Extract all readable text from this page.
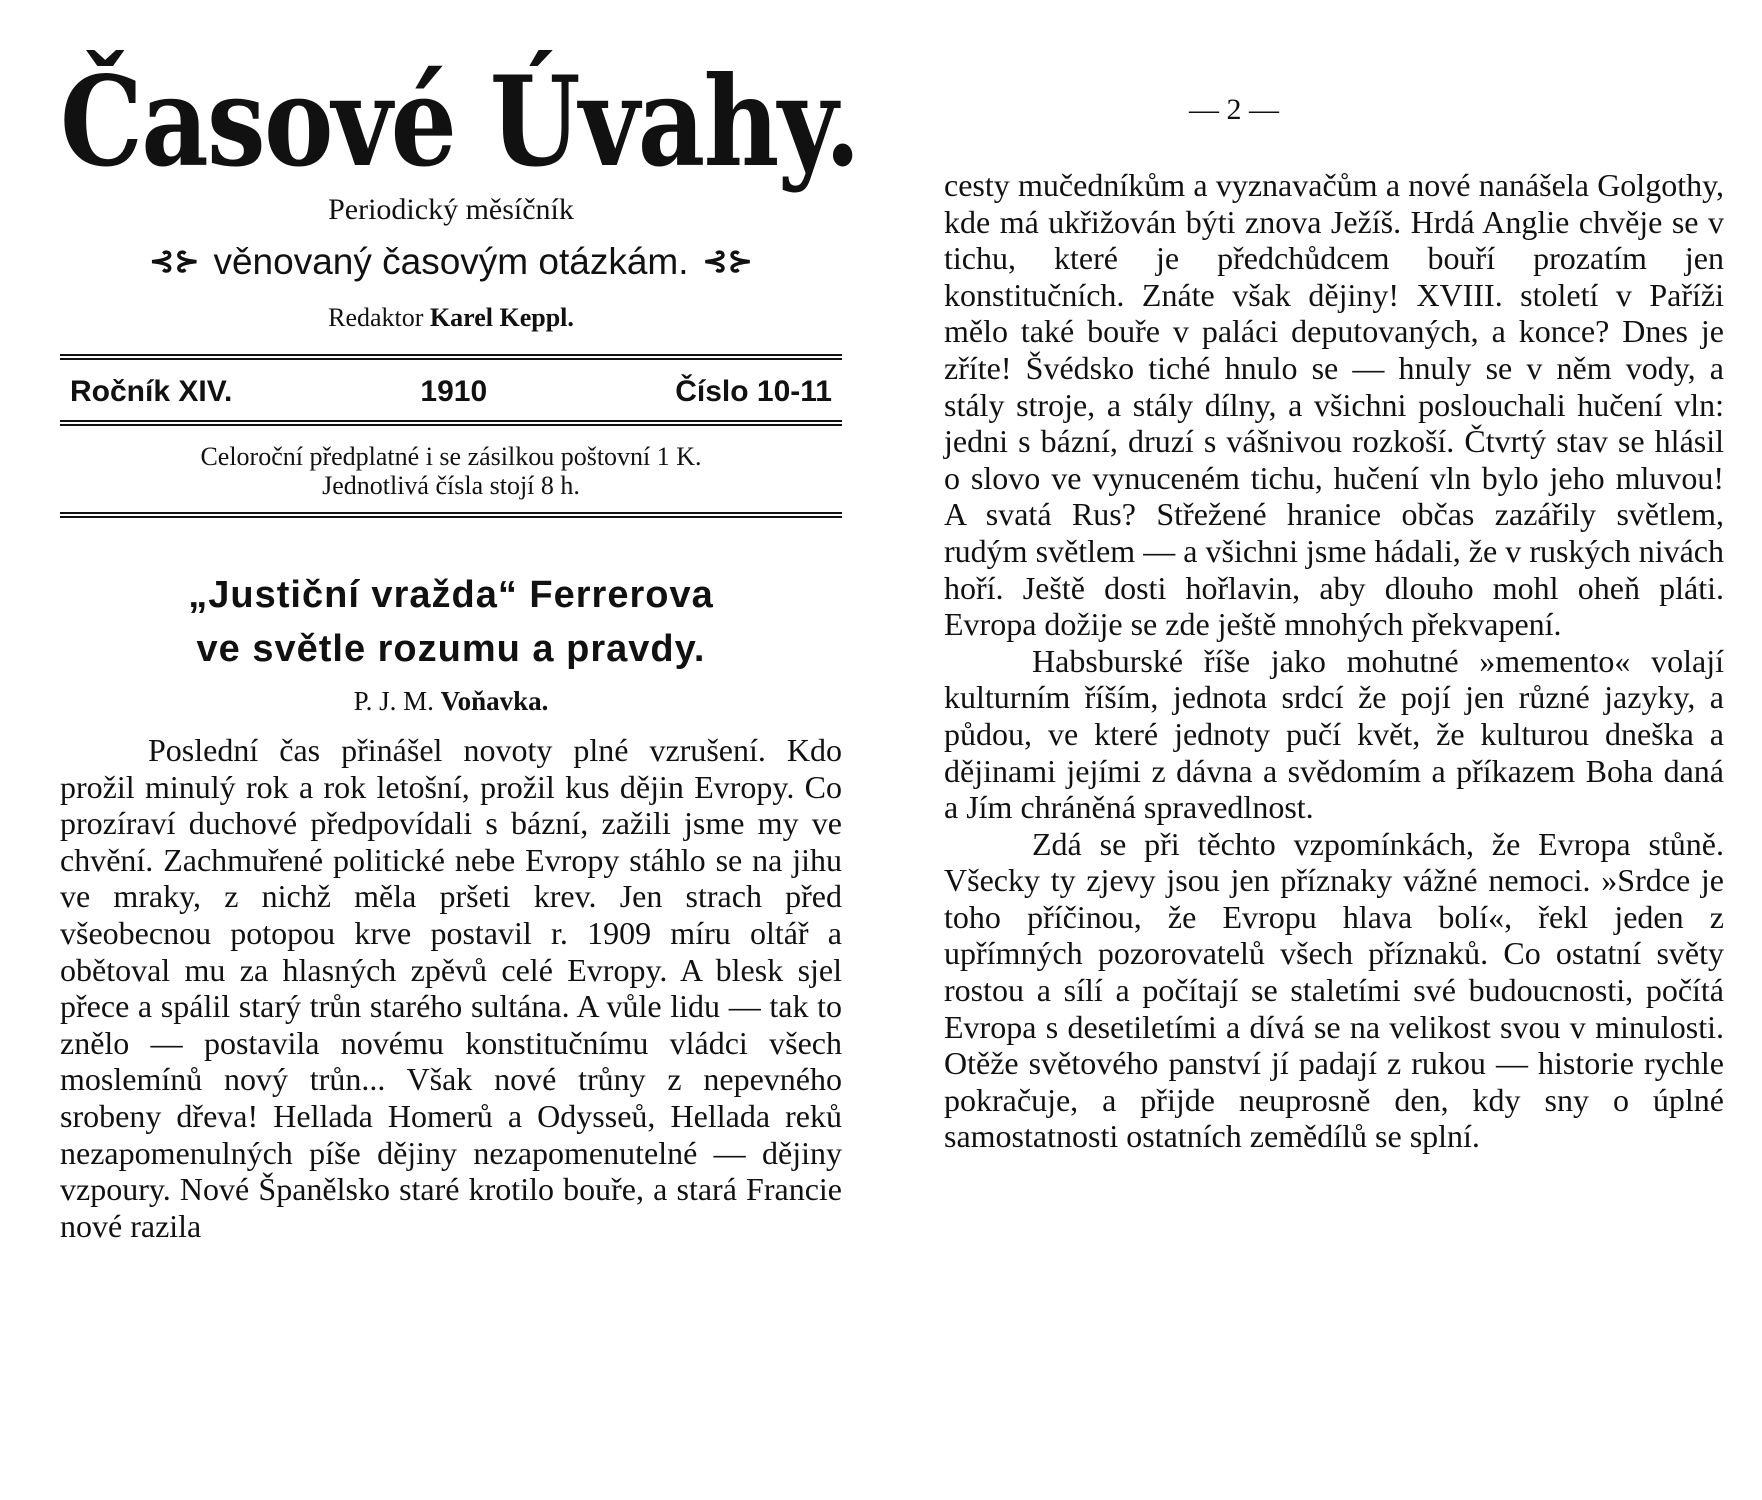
Časové Úvahy.
Periodický měsíčník
⊰⊱ věnovaný časovým otázkám. ⊰⊱
Redaktor Karel Keppl.
Ročník XIV.	1910	Číslo 10-11
Celoroční předplatné i se zásilkou poštovní 1 K.
Jednotlivá čísla stojí 8 h.
„Justiční vražda“ Ferrerova
ve světle rozumu a pravdy.
P. J. M. Voňavka.

Poslední čas přinášel novoty plné vzrušení. Kdo prožil minulý rok a rok letošní, prožil kus dějin Evropy. Co prozíraví duchové předpovídali s bázní, zažili jsme my ve chvění. Zachmuřené politické nebe Evropy stáhlo se na jihu ve mraky, z nichž měla pršeti krev. Jen strach před všeobecnou potopou krve postavil r. 1909 míru oltář a obětoval mu za hlasných zpěvů celé Evropy. A blesk sjel přece a spálil starý trůn starého sultána. A vůle lidu — tak to znělo — postavila novému konstitučnímu vládci všech moslemínů nový trůn... Však nové trůny z nepevného srobeny dřeva! Hellada Homerů a Odysseů, Hellada reků nezapomenulných píše dějiny nezapomenutelné — dějiny vzpoury. Nové Španělsko staré krotilo bouře, a stará Francie nové razila

— 2 —

cesty mučedníkům a vyznavačům a nové nanášela Golgothy, kde má ukřižován býti znova Ježíš. Hrdá Anglie chvěje se v tichu, které je předchůdcem bouří prozatím jen konstitučních. Znáte však dějiny! XVIII. století v Paříži mělo také bouře v paláci deputovaných, a konce? Dnes je zříte! Švédsko tiché hnulo se — hnuly se v něm vody, a stály stroje, a stály dílny, a všichni poslouchali hučení vln: jedni s bázní, druzí s vášnivou rozkoší. Čtvrtý stav se hlásil o slovo ve vynuceném tichu, hučení vln bylo jeho mluvou! A svatá Rus? Střežené hranice občas zazářily světlem, rudým světlem — a všichni jsme hádali, že v ruských nivách hoří. Ještě dosti hořlavin, aby dlouho mohl oheň pláti. Evropa dožije se zde ještě mnohých překvapení.

Habsburské říše jako mohutné »memento« volají kulturním říším, jednota srdcí že pojí jen různé jazyky, a půdou, ve které jednoty pučí květ, že kulturou dneška a dějinami jejími z dávna a svědomím a příkazem Boha daná a Jím chráněná spravedlnost.

Zdá se při těchto vzpomínkách, že Evropa stůně. Všecky ty zjevy jsou jen příznaky vážné nemoci. »Srdce je toho příčinou, že Evropu hlava bolí«, řekl jeden z upřímných pozorovatelů všech příznaků. Co ostatní světy rostou a sílí a počítají se staletími své budoucnosti, počítá Evropa s desetiletími a dívá se na velikost svou v minulosti. Otěže světového panství jí padají z rukou — historie rychle pokračuje, a přijde neuprosně den, kdy sny o úplné samostatnosti ostatních zemědílů se splní.
